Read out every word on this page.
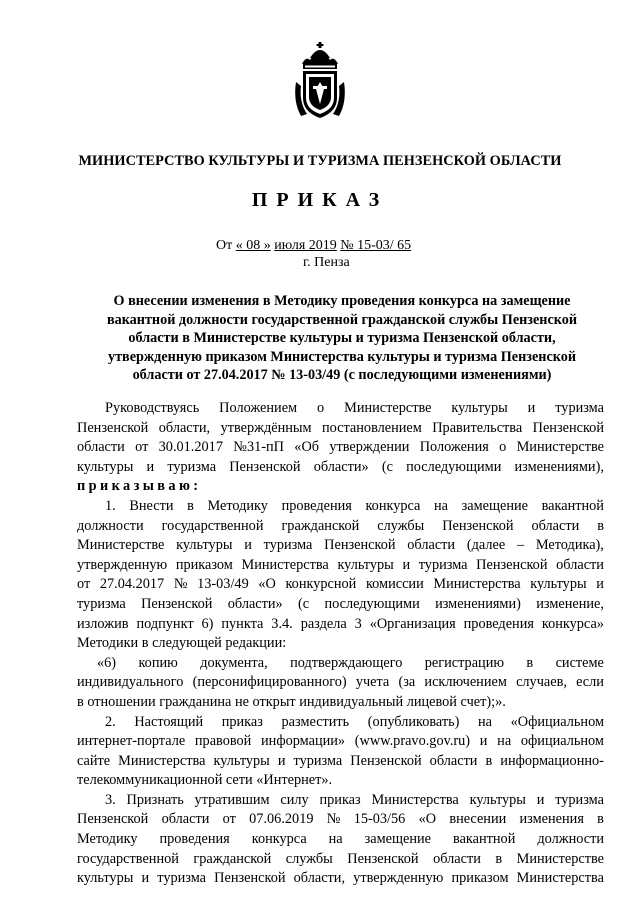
МИНИСТЕРСТВО КУЛЬТУРЫ И ТУРИЗМА ПЕНЗЕНСКОЙ ОБЛАСТИ
ПРИКАЗ
От « 08 » июля 2019 № 15-03/ 65
г. Пенза
О внесении изменения в Методику проведения конкурса на замещение
вакантной должности государственной гражданской службы Пензенской
области в Министерстве культуры и туризма Пензенской области,
утвержденную приказом Министерства культуры и туризма Пензенской
области от 27.04.2017 № 13-03/49 (с последующими изменениями)
Руководствуясь Положением о Министерстве культуры и туризма
Пензенской области, утверждённым постановлением Правительства Пензенской
области от 30.01.2017 №31-пП «Об утверждении Положения о Министерстве
культуры и туризма Пензенской области» (с последующими изменениями),
приказываю:
1. Внести в Методику проведения конкурса на замещение вакантной
должности государственной гражданской службы Пензенской области в
Министерстве культуры и туризма Пензенской области (далее – Методика),
утвержденную приказом Министерства культуры и туризма Пензенской области
от 27.04.2017 № 13-03/49 «О конкурсной комиссии Министерства культуры и
туризма Пензенской области» (с последующими изменениями) изменение,
изложив подпункт 6) пункта 3.4. раздела 3 «Организация проведения конкурса»
Методики в следующей редакции:
«6) копию документа, подтверждающего регистрацию в системе
индивидуального (персонифицированного) учета (за исключением случаев, если
в отношении гражданина не открыт индивидуальный лицевой счет);».
2. Настоящий приказ разместить (опубликовать) на «Официальном
интернет-портале правовой информации» (www.pravo.gov.ru) и на официальном
сайте Министерства культуры и туризма Пензенской области в информационно-
телекоммуникационной сети «Интернет».
3. Признать утратившим силу приказ Министерства культуры и туризма
Пензенской области от 07.06.2019 № 15-03/56 «О внесении изменения в
Методику проведения конкурса на замещение вакантной должности
государственной гражданской службы Пензенской области в Министерстве
культуры и туризма Пензенской области, утвержденную приказом Министерства
